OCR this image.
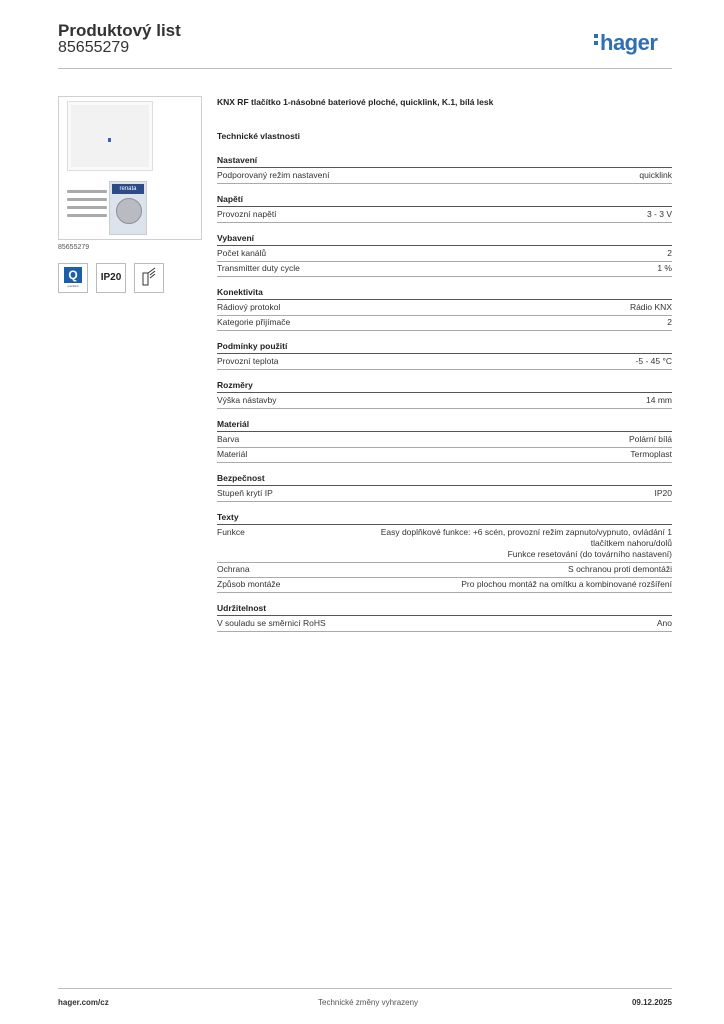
Produktový list
85655279	hager
renata
85655279
Q
quicklink
IP20
KNX RF tlačítko 1-násobné bateriové ploché, quicklink, K.1, bílá lesk
Technické vlastnosti
Nastavení
Podporovaný režim nastavení	quicklink
Napětí
Provozní napětí	3 - 3 V
Vybavení
Počet kanálů	2
Transmitter duty cycle	1 %
Konektivita
Rádiový protokol	Rádio KNX
Kategorie přijímače	2
Podmínky použití
Provozní teplota	-5 - 45 °C
Rozměry
Výška nástavby	14 mm
Materiál
Barva	Polární bílá
Materiál	Termoplast
Bezpečnost
Stupeň krytí IP	IP20
Texty
Funkce	Easy doplňkové funkce: +6 scén, provozní režim zapnuto/vypnuto, ovládání 1
tlačítkem nahoru/dolů
Funkce resetování (do továrního nastavení)
Ochrana	S ochranou proti demontáži
Způsob montáže	Pro plochou montáž na omítku a kombinované rozšíření
Udržitelnost
V souladu se směrnicí RoHS	Ano
hager.com/cz	Technické změny vyhrazeny	09.12.2025
